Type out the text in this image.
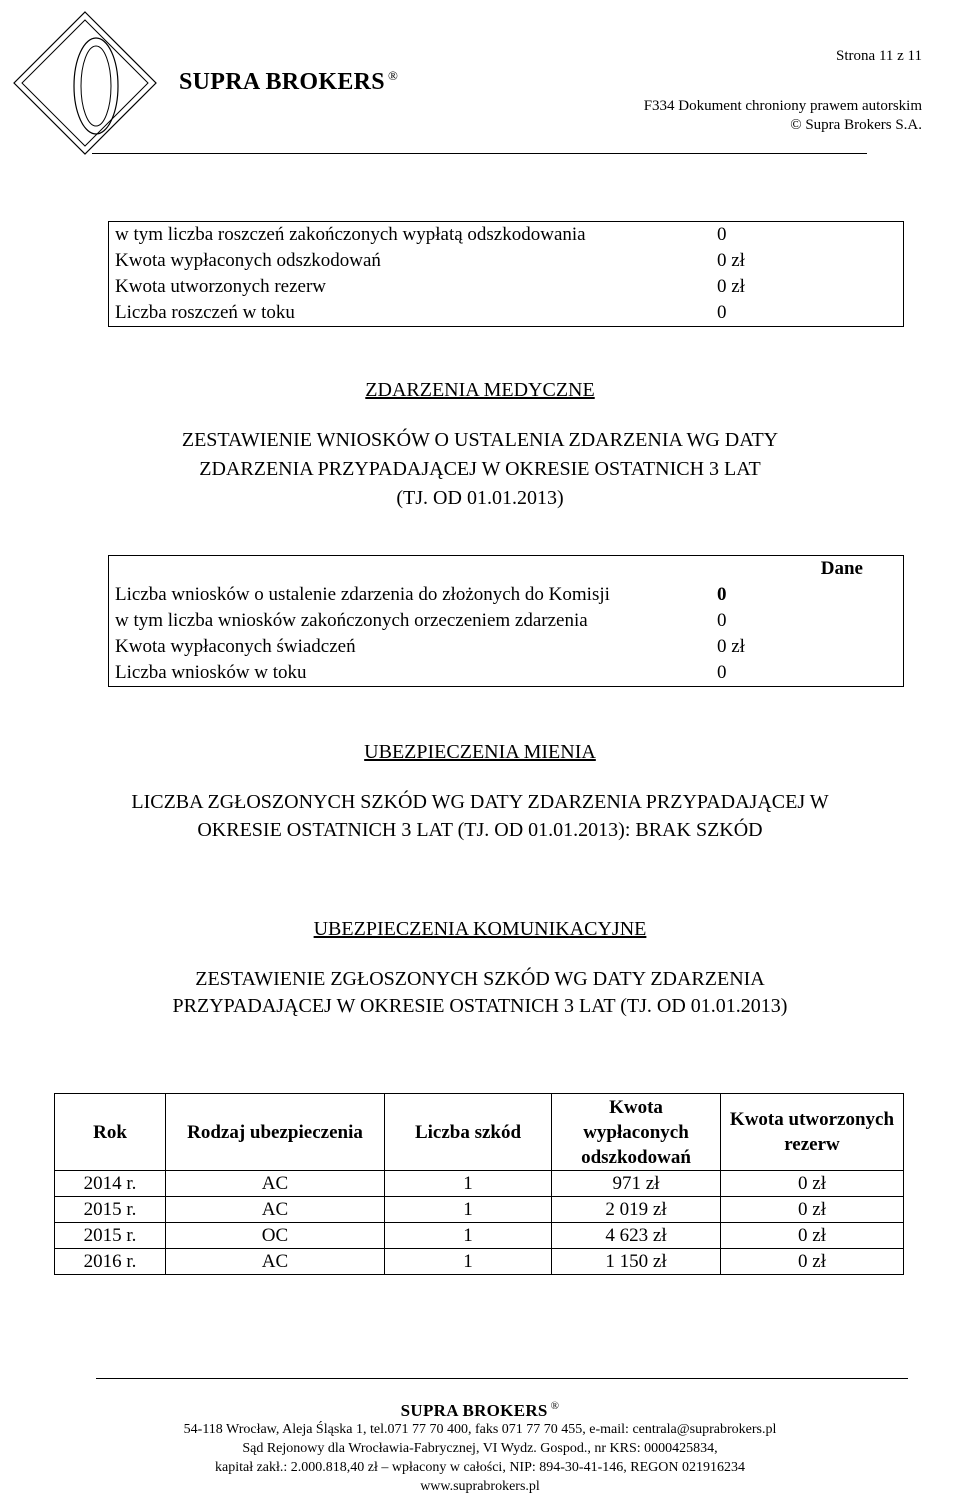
Strona 11 z 11
SUPRA BROKERS ®
F334 Dokument chroniony prawem autorskim
© Supra Brokers S.A.
w tym liczba roszczeń zakończonych wypłatą odszkodowania	0
Kwota wypłaconych odszkodowań	0 zł
Kwota utworzonych rezerw	0 zł
Liczba roszczeń w toku	0
ZDARZENIA MEDYCZNE
ZESTAWIENIE WNIOSKÓW O USTALENIA ZDARZENIA WG DATY
ZDARZENIA PRZYPADAJĄCEJ W OKRESIE OSTATNICH 3 LAT
(TJ. OD 01.01.2013)
		Dane
Liczba wniosków o ustalenie zdarzenia do złożonych do Komisji	0	
w tym liczba wniosków zakończonych orzeczeniem zdarzenia	0	
Kwota wypłaconych świadczeń	0 zł	
Liczba wniosków w toku	0	
UBEZPIECZENIA MIENIA
LICZBA ZGŁOSZONYCH SZKÓD WG DATY ZDARZENIA PRZYPADAJĄCEJ W
OKRESIE OSTATNICH 3 LAT (TJ. OD 01.01.2013): BRAK SZKÓD
UBEZPIECZENIA KOMUNIKACYJNE
ZESTAWIENIE ZGŁOSZONYCH SZKÓD WG DATY ZDARZENIA
PRZYPADAJĄCEJ W OKRESIE OSTATNICH 3 LAT (TJ. OD 01.01.2013)
Rok	Rodzaj ubezpieczenia	Liczba szkód	Kwota wypłaconych odszkodowań	Kwota utworzonych rezerw
2014 r.	AC	1	971 zł	0 zł
2015 r.	AC	1	2 019 zł	0 zł
2015 r.	OC	1	4 623 zł	0 zł
2016 r.	AC	1	1 150 zł	0 zł
SUPRA BROKERS ®
54-118 Wrocław, Aleja Śląska 1, tel.071 77 70 400, faks 071 77 70 455, e-mail: centrala@suprabrokers.pl
Sąd Rejonowy dla Wrocławia-Fabrycznej, VI Wydz. Gospod., nr KRS: 0000425834,
kapitał zakł.: 2.000.818,40 zł – wpłacony w całości, NIP: 894-30-41-146, REGON 021916234
www.suprabrokers.pl
